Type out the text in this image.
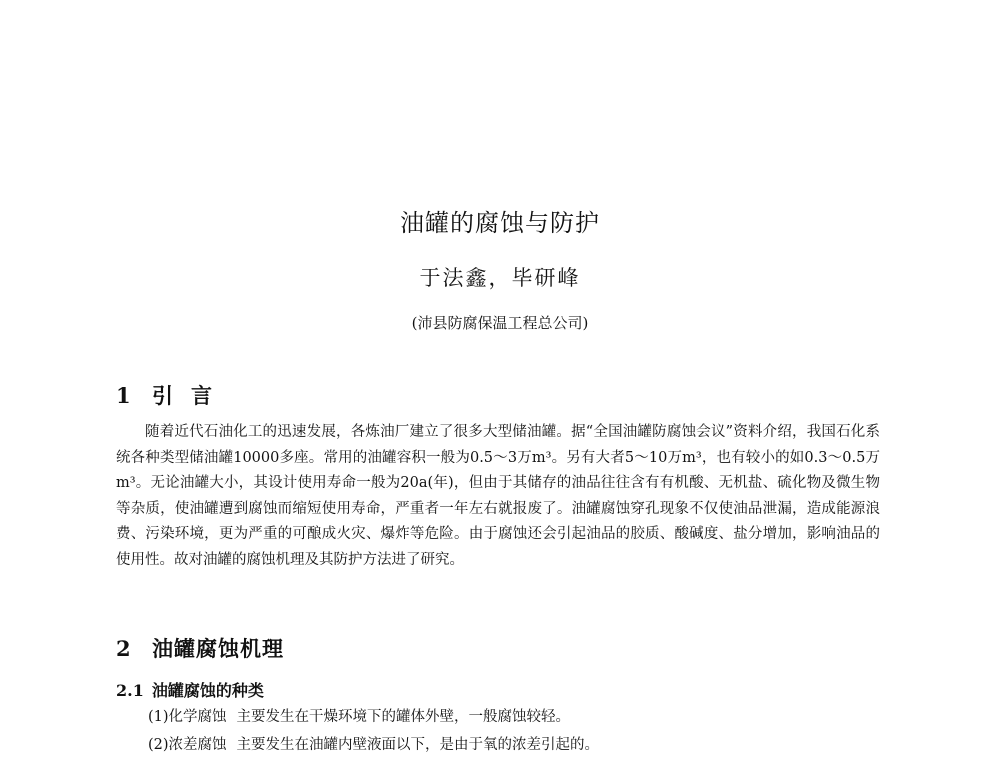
油罐的腐蚀与防护
于法鑫，毕研峰
(沛县防腐保温工程总公司)
1 引言
随着近代石油化工的迅速发展，各炼油厂建立了很多大型储油罐。据“全国油罐防腐蚀会议”资料介绍，我国石化系统各种类型储油罐10000多座。常用的油罐容积一般为0.5～3万m³。另有大者5～10万m³，也有较小的如0.3～0.5万m³。无论油罐大小，其设计使用寿命一般为20a(年)，但由于其储存的油品往往含有有机酸、无机盐、硫化物及微生物等杂质，使油罐遭到腐蚀而缩短使用寿命，严重者一年左右就报废了。油罐腐蚀穿孔现象不仅使油品泄漏，造成能源浪费、污染环境，更为严重的可酿成火灾、爆炸等危险。由于腐蚀还会引起油品的胶质、酸碱度、盐分增加，影响油品的使用性。故对油罐的腐蚀机理及其防护方法进了研究。
2 油罐腐蚀机理
2.1 油罐腐蚀的种类
(1)化学腐蚀 主要发生在干燥环境下的罐体外壁，一般腐蚀较轻。
(2)浓差腐蚀 主要发生在油罐内壁液面以下，是由于氧的浓差引起的。
